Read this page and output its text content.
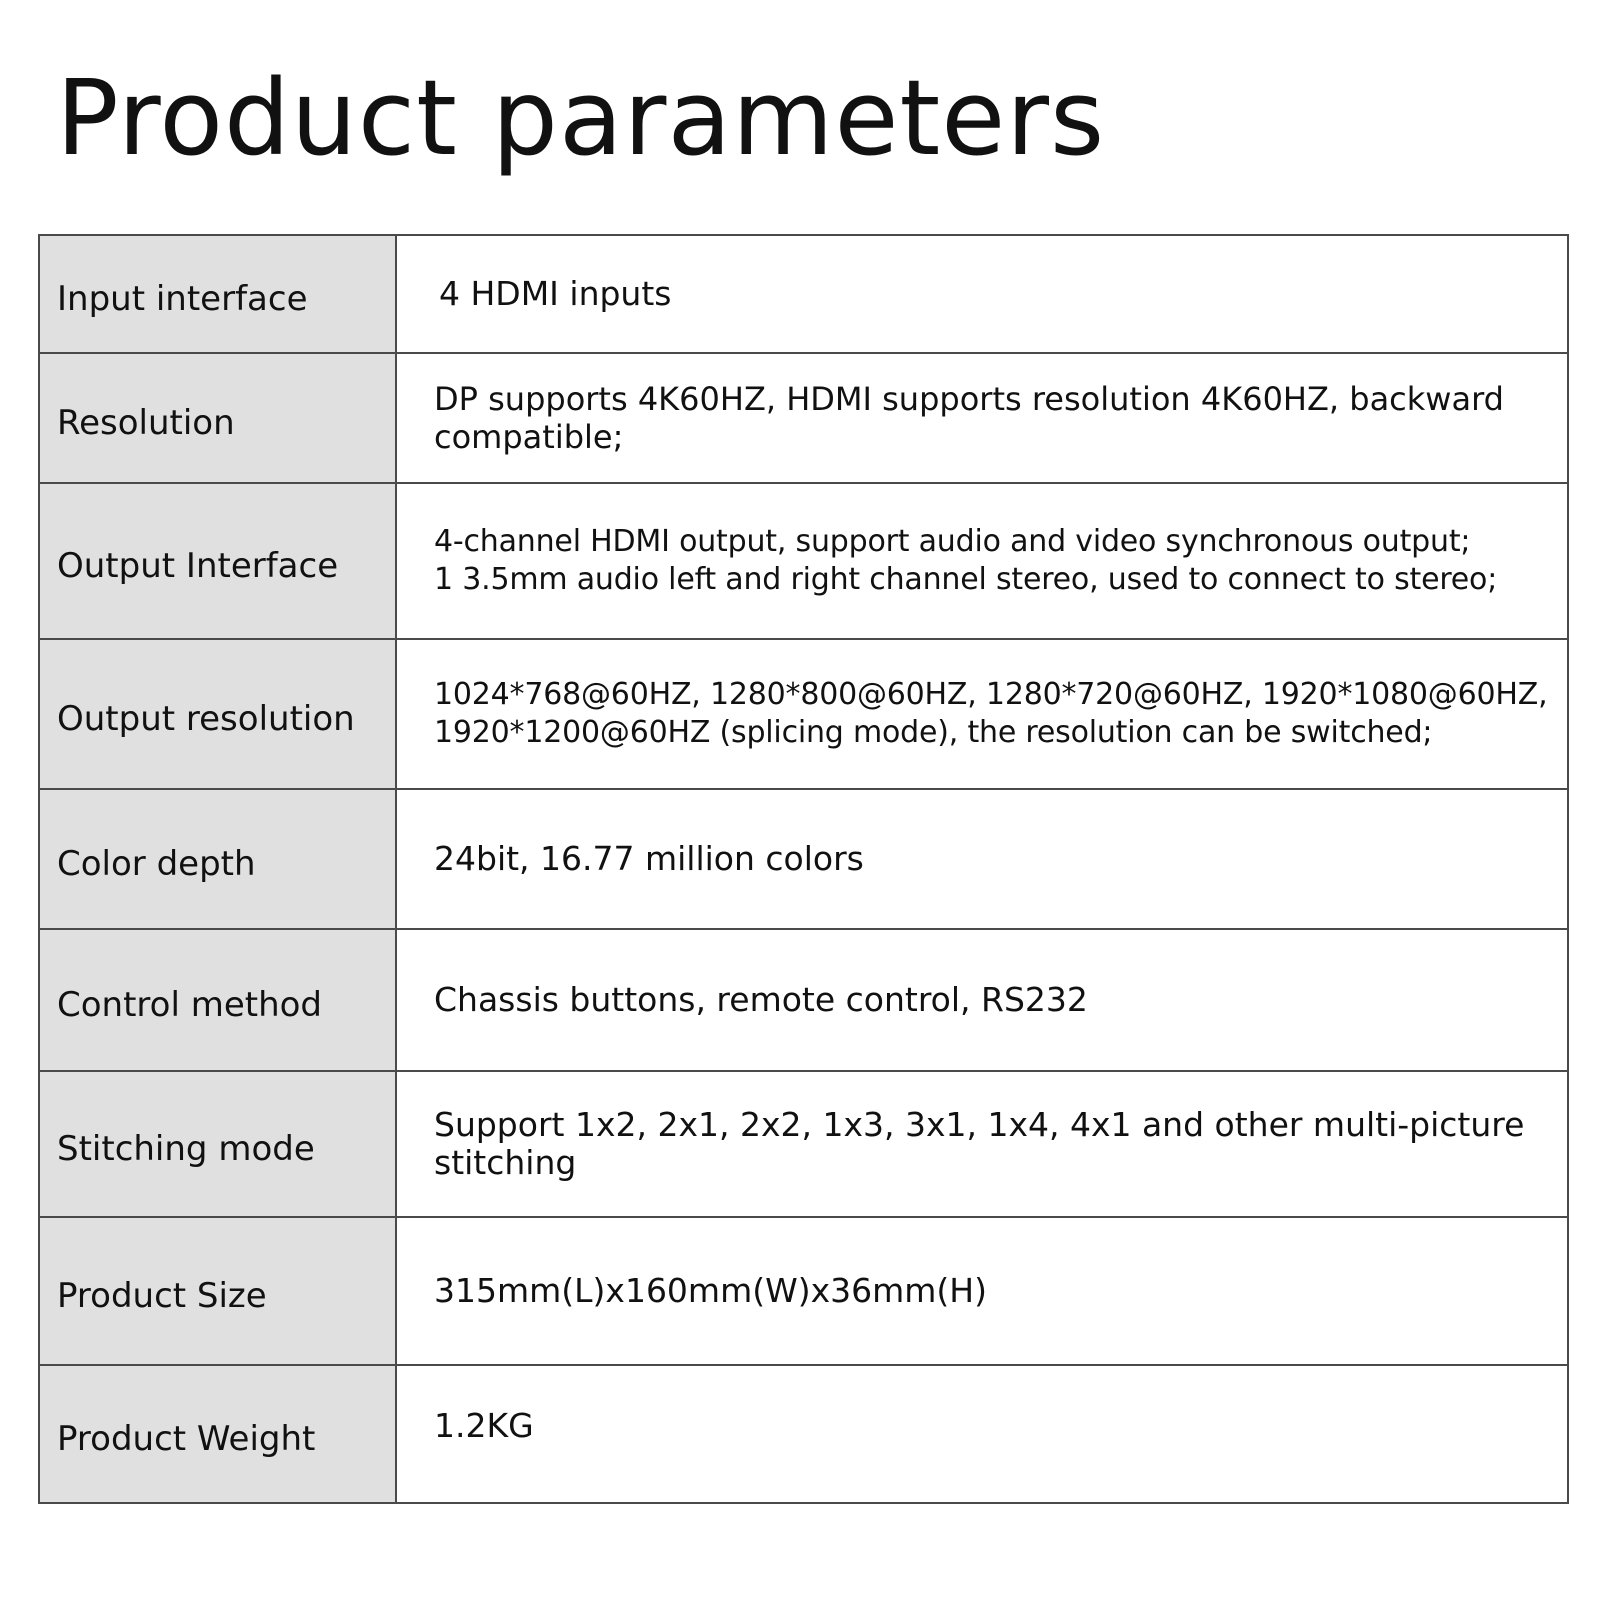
Product parameters
Input interface	4 HDMI inputs

Resolution	DP supports 4K60HZ, HDMI supports resolution 4K60HZ, backward
compatible;

Output Interface	4-channel HDMI output, support audio and video synchronous output;
1 3.5mm audio left and right channel stereo, used to connect to stereo;

Output resolution	1024*768@60HZ, 1280*800@60HZ, 1280*720@60HZ, 1920*1080@60HZ,
1920*1200@60HZ (splicing mode), the resolution can be switched;

Color depth	24bit, 16.77 million colors

Control method	Chassis buttons, remote control, RS232

Stitching mode	Support 1x2, 2x1, 2x2, 1x3, 3x1, 1x4, 4x1 and other multi-picture
stitching

Product Size	315mm(L)x160mm(W)x36mm(H)

Product Weight	1.2KG
